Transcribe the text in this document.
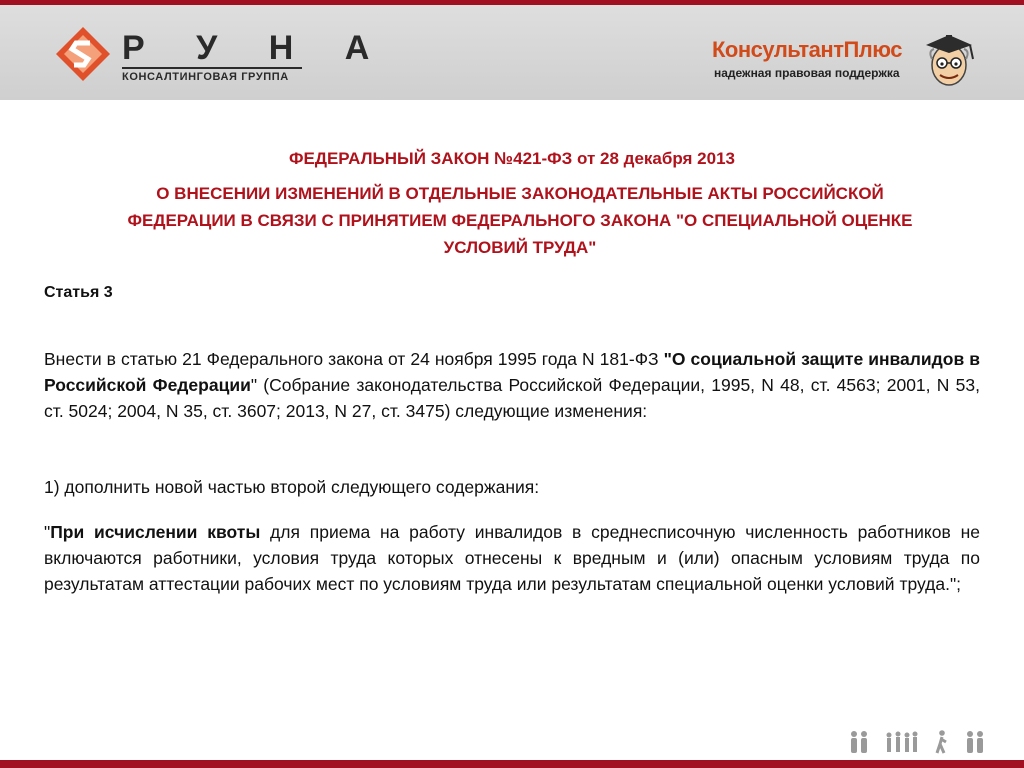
Р У Н А
КОНСАЛТИНГОВАЯ ГРУППА
КонсультантПлюс
надежная правовая поддержка

ФЕДЕРАЛЬНЫЙ ЗАКОН №421-ФЗ от 28 декабря 2013

О ВНЕСЕНИИ ИЗМЕНЕНИЙ В ОТДЕЛЬНЫЕ ЗАКОНОДАТЕЛЬНЫЕ АКТЫ РОССИЙСКОЙ ФЕДЕРАЦИИ В СВЯЗИ С ПРИНЯТИЕМ ФЕДЕРАЛЬНОГО ЗАКОНА "О СПЕЦИАЛЬНОЙ ОЦЕНКЕ УСЛОВИЙ ТРУДА"

Статья 3

Внести в статью 21 Федерального закона от 24 ноября 1995 года N 181-ФЗ "О социальной защите инвалидов в Российской Федерации" (Собрание законодательства Российской Федерации, 1995, N 48, ст. 4563; 2001, N 53, ст. 5024; 2004, N 35, ст. 3607; 2013, N 27, ст. 3475) следующие изменения:

1) дополнить новой частью второй следующего содержания:

"При исчислении квоты для приема на работу инвалидов в среднесписочную численность работников не включаются работники, условия труда которых отнесены к вредным и (или) опасным условиям труда по результатам аттестации рабочих мест по условиям труда или результатам специальной оценки условий труда.";
